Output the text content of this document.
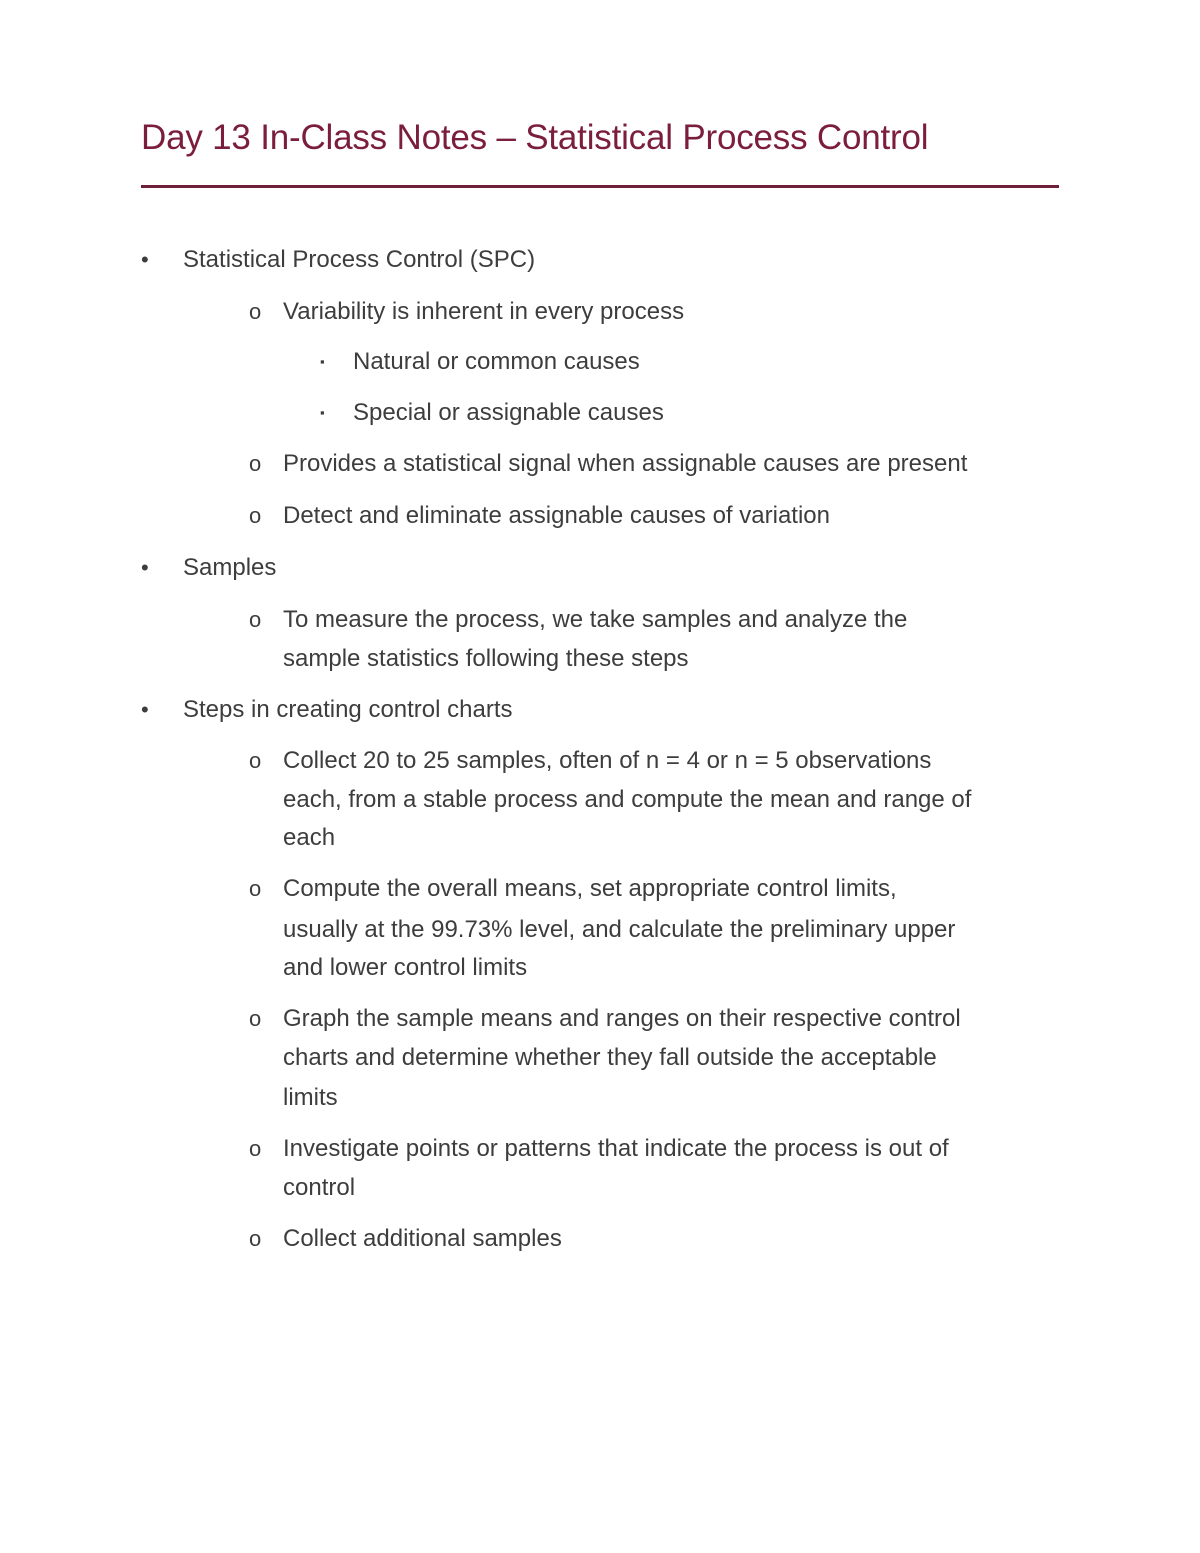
Day 13 In-Class Notes – Statistical Process Control
• Statistical Process Control (SPC)
o Variability is inherent in every process
▪ Natural or common causes
▪ Special or assignable causes
o Provides a statistical signal when assignable causes are present
o Detect and eliminate assignable causes of variation
• Samples
o To measure the process, we take samples and analyze the
sample statistics following these steps
• Steps in creating control charts
o Collect 20 to 25 samples, often of n = 4 or n = 5 observations
each, from a stable process and compute the mean and range of
each
o Compute the overall means, set appropriate control limits,
usually at the 99.73% level, and calculate the preliminary upper
and lower control limits
o Graph the sample means and ranges on their respective control
charts and determine whether they fall outside the acceptable
limits
o Investigate points or patterns that indicate the process is out of
control
o Collect additional samples
